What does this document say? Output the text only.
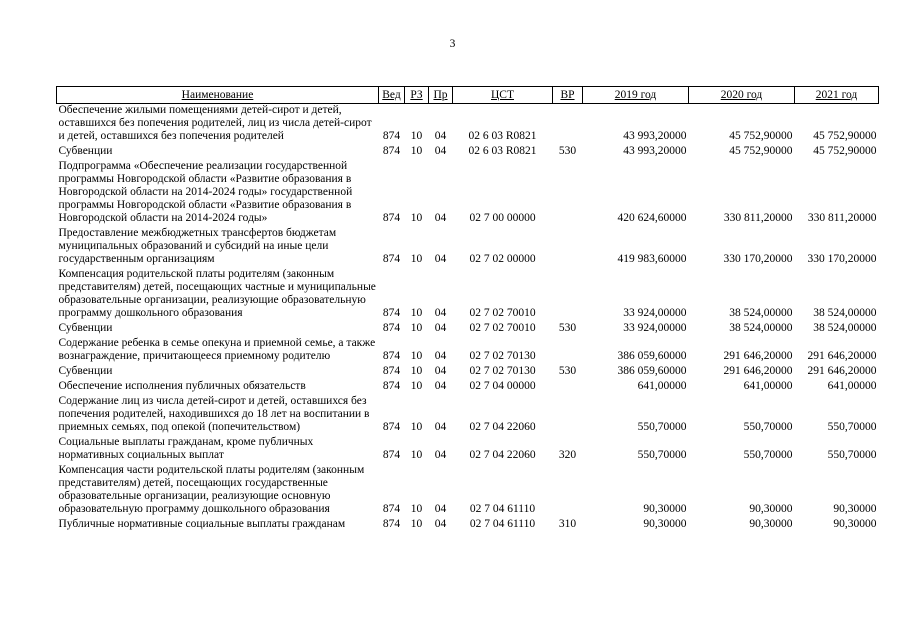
3
Наименование	Вед	РЗ	Пр	ЦСТ	ВР	2019 год	2020 год	2021 год
Обеспечение жилыми помещениями детей-сирот и детей, оставшихся без попечения родителей, лиц из числа детей-сирот и детей, оставшихся без попечения родителей	874	10	04	02 6 03 R0821		43 993,20000	45 752,90000	45 752,90000
Субвенции	874	10	04	02 6 03 R0821	530	43 993,20000	45 752,90000	45 752,90000
Подпрограмма «Обеспечение реализации государственной программы Новгородской области «Развитие образования в Новгородской области на 2014-2024 годы» государственной программы Новгородской области «Развитие образования в Новгородской области на 2014-2024 годы»	874	10	04	02 7 00 00000		420 624,60000	330 811,20000	330 811,20000
Предоставление межбюджетных трансфертов бюджетам муниципальных образований и субсидий на иные цели государственным организациям	874	10	04	02 7 02 00000		419 983,60000	330 170,20000	330 170,20000
Компенсация родительской платы родителям (законным представителям) детей, посещающих частные и муниципальные образовательные организации, реализующие образовательную программу дошкольного образования	874	10	04	02 7 02 70010		33 924,00000	38 524,00000	38 524,00000
Субвенции	874	10	04	02 7 02 70010	530	33 924,00000	38 524,00000	38 524,00000
Содержание ребенка в семье опекуна и приемной семье, а также вознаграждение, причитающееся приемному родителю	874	10	04	02 7 02 70130		386 059,60000	291 646,20000	291 646,20000
Субвенции	874	10	04	02 7 02 70130	530	386 059,60000	291 646,20000	291 646,20000
Обеспечение исполнения публичных обязательств	874	10	04	02 7 04 00000		641,00000	641,00000	641,00000
Содержание лиц из числа детей-сирот и детей, оставшихся без попечения родителей, находившихся до 18 лет на воспитании в приемных семьях, под опекой (попечительством)	874	10	04	02 7 04 22060		550,70000	550,70000	550,70000
Социальные выплаты гражданам, кроме публичных нормативных социальных выплат	874	10	04	02 7 04 22060	320	550,70000	550,70000	550,70000
Компенсация части родительской платы родителям (законным представителям) детей, посещающих государственные образовательные организации, реализующие основную образовательную программу дошкольного образования	874	10	04	02 7 04 61110		90,30000	90,30000	90,30000
Публичные нормативные социальные выплаты гражданам	874	10	04	02 7 04 61110	310	90,30000	90,30000	90,30000
